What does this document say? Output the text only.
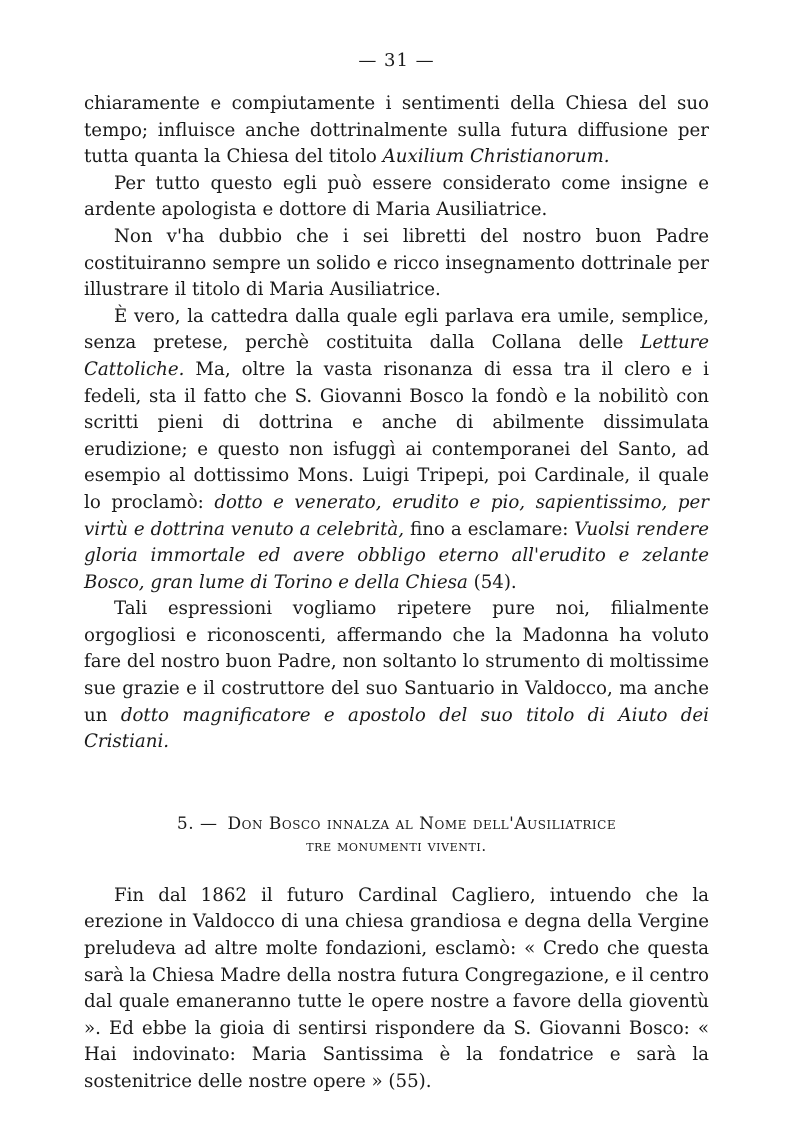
— 31 —

chiaramente e compiutamente i sentimenti della Chiesa del suo tempo; influisce anche dottrinalmente sulla futura diffusione per tutta quanta la Chiesa del titolo Auxilium Christianorum.

Per tutto questo egli può essere considerato come insigne e ardente apologista e dottore di Maria Ausiliatrice.

Non v'ha dubbio che i sei libretti del nostro buon Padre costituiranno sempre un solido e ricco insegnamento dottrinale per illustrare il titolo di Maria Ausiliatrice.

È vero, la cattedra dalla quale egli parlava era umile, semplice, senza pretese, perchè costituita dalla Collana delle Letture Cattoliche. Ma, oltre la vasta risonanza di essa tra il clero e i fedeli, sta il fatto che S. Giovanni Bosco la fondò e la nobilitò con scritti pieni di dottrina e anche di abilmente dissimulata erudizione; e questo non isfuggì ai contemporanei del Santo, ad esempio al dottissimo Mons. Luigi Tripepi, poi Cardinale, il quale lo proclamò: dotto e venerato, erudito e pio, sapientissimo, per virtù e dottrina venuto a celebrità, fino a esclamare: Vuolsi rendere gloria immortale ed avere obbligo eterno all'erudito e zelante Bosco, gran lume di Torino e della Chiesa (54).

Tali espressioni vogliamo ripetere pure noi, filialmente orgogliosi e riconoscenti, affermando che la Madonna ha voluto fare del nostro buon Padre, non soltanto lo strumento di moltissime sue grazie e il costruttore del suo Santuario in Valdocco, ma anche un dotto magnificatore e apostolo del suo titolo di Aiuto dei Cristiani.

5. — Don Bosco innalza al Nome dell'Ausiliatrice
tre monumenti viventi.

Fin dal 1862 il futuro Cardinal Cagliero, intuendo che la erezione in Valdocco di una chiesa grandiosa e degna della Vergine preludeva ad altre molte fondazioni, esclamò: « Credo che questa sarà la Chiesa Madre della nostra futura Congregazione, e il centro dal quale emaneranno tutte le opere nostre a favore della gioventù ». Ed ebbe la gioia di sentirsi rispondere da S. Giovanni Bosco: « Hai indovinato: Maria Santissima è la fondatrice e sarà la sostenitrice delle nostre opere » (55).
